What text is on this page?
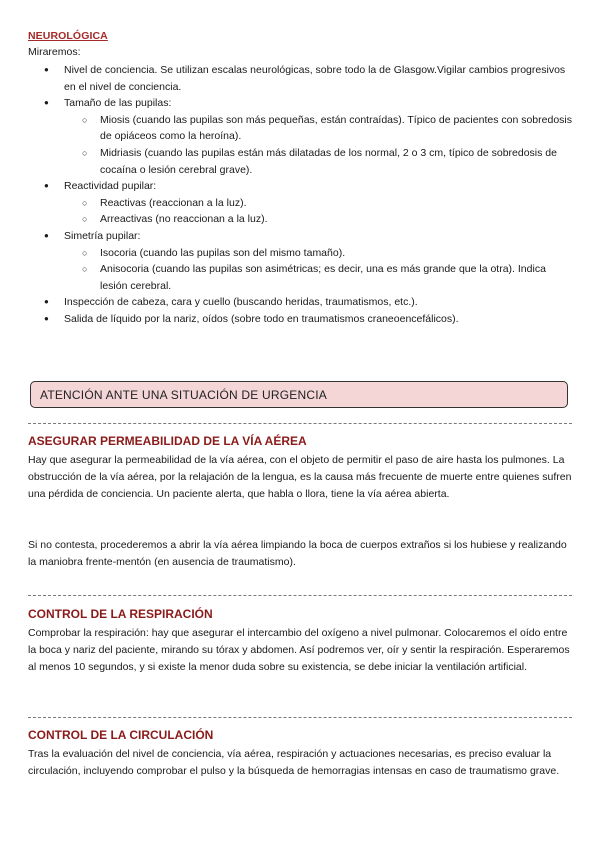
NEUROLÓGICA
Miraremos:
● Nivel de conciencia. Se utilizan escalas neurológicas, sobre todo la de Glasgow.Vigilar cambios progresivos en el nivel de conciencia.
● Tamaño de las pupilas:
○ Miosis (cuando las pupilas son más pequeñas, están contraídas). Típico de pacientes con sobredosis de opiáceos como la heroína).
○ Midriasis (cuando las pupilas están más dilatadas de los normal, 2 o 3 cm, típico de sobredosis de cocaína o lesión cerebral grave).
● Reactividad pupilar:
○ Reactivas (reaccionan a la luz).
○ Arreactivas (no reaccionan a la luz).
● Simetría pupilar:
○ Isocoria (cuando las pupilas son del mismo tamaño).
○ Anisocoria (cuando las pupilas son asimétricas; es decir, una es más grande que la otra). Indica lesión cerebral.
● Inspección de cabeza, cara y cuello (buscando heridas, traumatismos, etc.).
● Salida de líquido por la nariz, oídos (sobre todo en traumatismos craneoencefálicos).
ATENCIÓN ANTE UNA SITUACIÓN DE URGENCIA
ASEGURAR PERMEABILIDAD DE LA VÍA AÉREA

Hay que asegurar la permeabilidad de la vía aérea, con el objeto de permitir el paso de aire hasta los pulmones. La obstrucción de la vía aérea, por la relajación de la lengua, es la causa más frecuente de muerte entre quienes sufren una pérdida de conciencia. Un paciente alerta, que habla o llora, tiene la vía aérea abierta.

Si no contesta, procederemos a abrir la vía aérea limpiando la boca de cuerpos extraños si los hubiese y realizando la maniobra frente-mentón (en ausencia de traumatismo).

CONTROL DE LA RESPIRACIÓN

Comprobar la respiración: hay que asegurar el intercambio del oxígeno a nivel pulmonar. Colocaremos el oído entre la boca y nariz del paciente, mirando su tórax y abdomen. Así podremos ver, oír y sentir la respiración. Esperaremos al menos 10 segundos, y si existe la menor duda sobre su existencia, se debe iniciar la ventilación artificial.

CONTROL DE LA CIRCULACIÓN

Tras la evaluación del nivel de conciencia, vía aérea, respiración y actuaciones necesarias, es preciso evaluar la circulación, incluyendo comprobar el pulso y la búsqueda de hemorragias intensas en caso de traumatismo grave.
